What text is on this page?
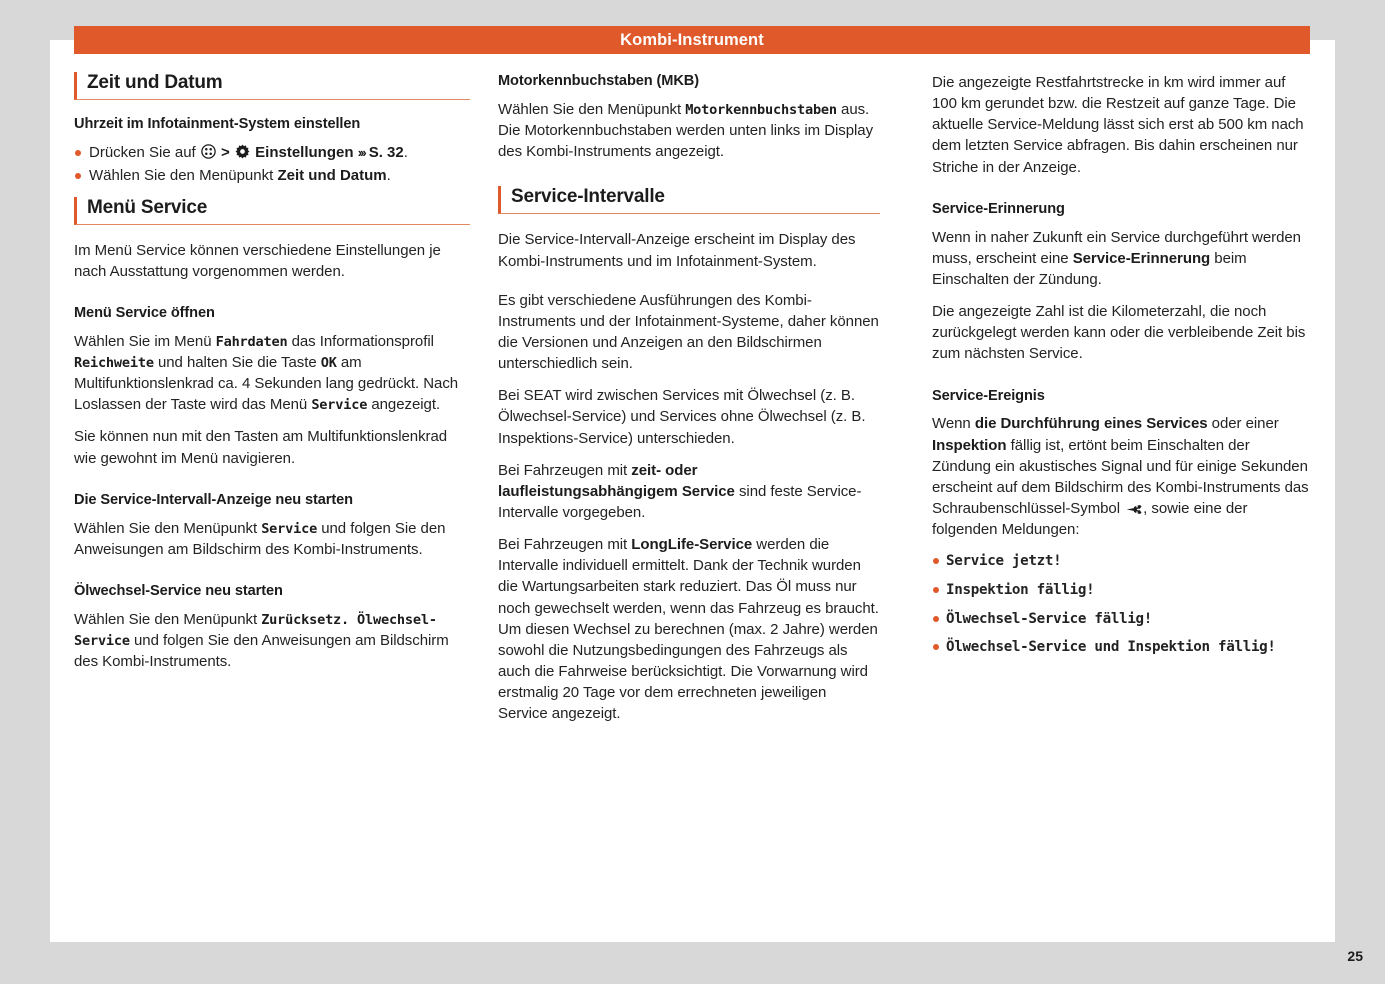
Kombi-Instrument
Zeit und Datum
Uhrzeit im Infotainment-System einstellen
Drücken Sie auf
>
Einstellungen ››› S. 32.
Wählen Sie den Menüpunkt Zeit und Datum.
Menü Service

Im Menü Service können verschiedene Einstellungen je nach Ausstattung vorgenommen werden.

Menü Service öffnen

Wählen Sie im Menü Fahrdaten das Informationsprofil Reichweite und halten Sie die Taste OK am Multifunktionslenkrad ca. 4 Sekunden lang gedrückt. Nach Loslassen der Taste wird das Menü Service angezeigt.

Sie können nun mit den Tasten am Multifunktionslenkrad wie gewohnt im Menü navigieren.

Die Service-Intervall-Anzeige neu starten

Wählen Sie den Menüpunkt Service und folgen Sie den Anweisungen am Bildschirm des Kombi-Instruments.

Ölwechsel-Service neu starten

Wählen Sie den Menüpunkt Zurücksetz. Ölwechsel-Service und folgen Sie den Anweisungen am Bildschirm des Kombi-Instruments.

Motorkennbuchstaben (MKB)

Wählen Sie den Menüpunkt Motorkennbuchstaben aus. Die Motorkennbuchstaben werden unten links im Display des Kombi-Instruments angezeigt.

Service-Intervalle

Die Service-Intervall-Anzeige erscheint im Display des Kombi-Instruments und im Infotainment-System.

Es gibt verschiedene Ausführungen des Kombi-Instruments und der Infotainment-Systeme, daher können die Versionen und Anzeigen an den Bildschirmen unterschiedlich sein.

Bei SEAT wird zwischen Services mit Ölwechsel (z. B. Ölwechsel-Service) und Services ohne Ölwechsel (z. B. Inspektions-Service) unterschieden.

Bei Fahrzeugen mit zeit- oder laufleistungsabhängigem Service sind feste Service-Intervalle vorgegeben.

Bei Fahrzeugen mit LongLife-Service werden die Intervalle individuell ermittelt. Dank der Technik wurden die Wartungsarbeiten stark reduziert. Das Öl muss nur noch gewechselt werden, wenn das Fahrzeug es braucht. Um diesen Wechsel zu berechnen (max. 2 Jahre) werden sowohl die Nutzungsbedingungen des Fahrzeugs als auch die Fahrweise berücksichtigt. Die Vorwarnung wird erstmalig 20 Tage vor dem errechneten jeweiligen Service angezeigt.

Die angezeigte Restfahrtstrecke in km wird immer auf 100 km gerundet bzw. die Restzeit auf ganze Tage. Die aktuelle Service-Meldung lässt sich erst ab 500 km nach dem letzten Service abfragen. Bis dahin erscheinen nur Striche in der Anzeige.

Service-Erinnerung

Wenn in naher Zukunft ein Service durchgeführt werden muss, erscheint eine Service-Erinnerung beim Einschalten der Zündung.

Die angezeigte Zahl ist die Kilometerzahl, die noch zurückgelegt werden kann oder die verbleibende Zeit bis zum nächsten Service.

Service-Ereignis

Wenn die Durchführung eines Services oder einer Inspektion fällig ist, ertönt beim Einschalten der Zündung ein akustisches Signal und für einige Sekunden erscheint auf dem Bildschirm des Kombi-Instruments das Schraubenschlüssel-Symbol
, sowie eine der folgenden Meldungen:

Service jetzt!
Inspektion fällig!
Ölwechsel-Service fällig!
Ölwechsel-Service und Inspektion fällig!
25
